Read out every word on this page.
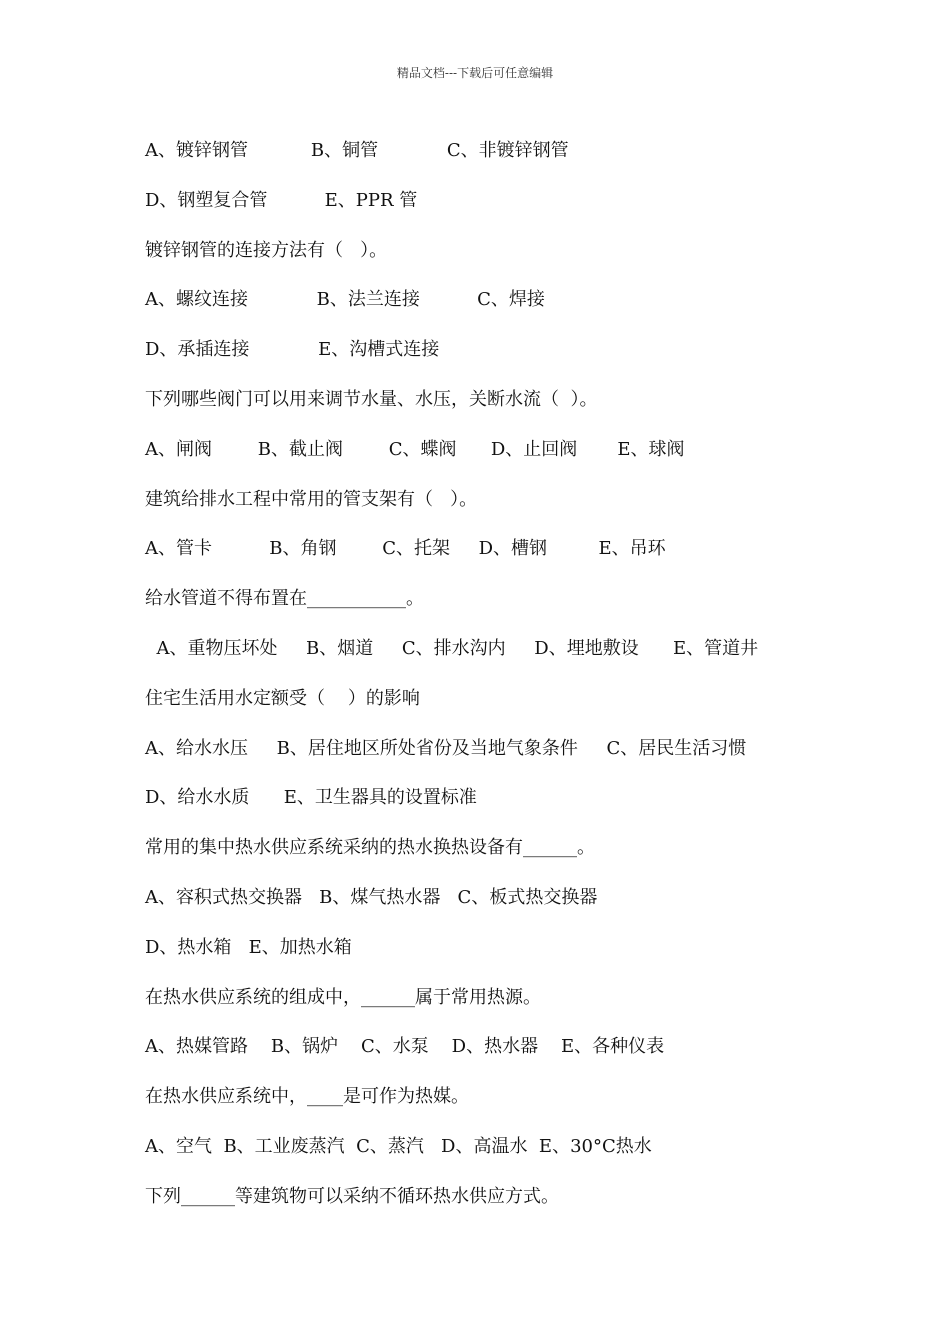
精品文档---下载后可任意编辑
A、镀锌钢管           B、铜管            C、非镀锌钢管
D、钢塑复合管          E、PPR 管
镀锌钢管的连接方法有（   ）。
A、螺纹连接            B、法兰连接          C、焊接
D、承插连接            E、沟槽式连接
下列哪些阀门可以用来调节水量、水压，关断水流（  ）。
A、闸阀        B、截止阀        C、蝶阀      D、止回阀       E、球阀
建筑给排水工程中常用的管支架有（   ）。
A、管卡          B、角钢        C、托架     D、槽钢         E、吊环
给水管道不得布置在___________。
A、重物压坏处     B、烟道     C、排水沟内     D、埋地敷设      E、管道井
住宅生活用水定额受（    ）的影响
A、给水水压     B、居住地区所处省份及当地气象条件     C、居民生活习惯
D、给水水质      E、卫生器具的设置标准
常用的集中热水供应系统采纳的热水换热设备有______。
A、容积式热交换器   B、煤气热水器   C、板式热交换器
D、热水箱   E、加热水箱
在热水供应系统的组成中，______属于常用热源。
A、热媒管路    B、锅炉    C、水泵    D、热水器    E、各种仪表
在热水供应系统中，____是可作为热媒。
A、空气  B、工业废蒸汽  C、蒸汽   D、高温水  E、30°C热水
下列______等建筑物可以采纳不循环热水供应方式。
